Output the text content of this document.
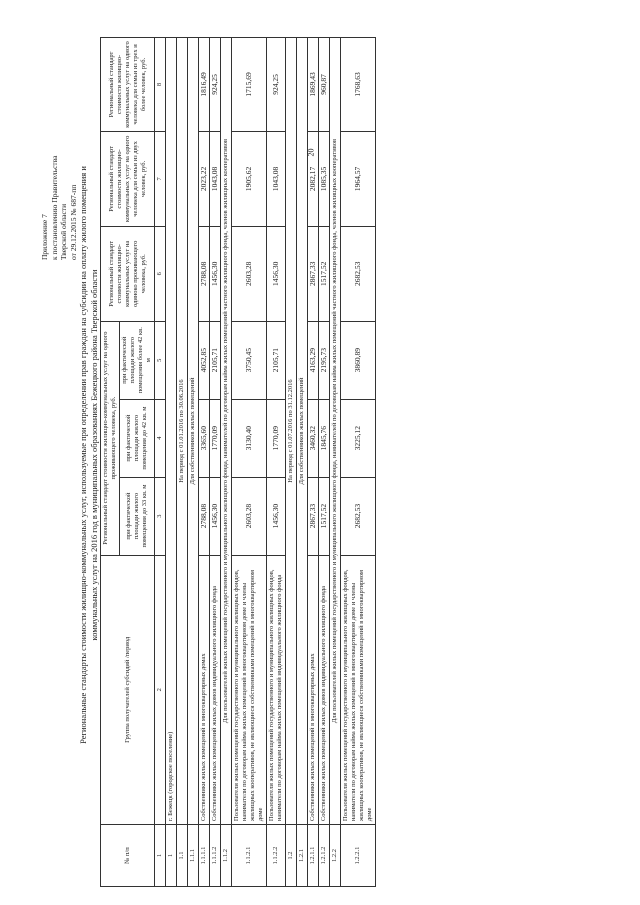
20
Приложение 7 к постановлению Правительства Тверской области от 29.12.2015 № 687-пп Региональные стандарты стоимости жилищно-коммунальных услуг, используемые при определении прав граждан на субсидии на оплату жилого помещения и коммунальных услуг на 2016 год в муниципальных образованиях Бежецкого района Тверской области
№ п/п	Группа получателей субсидий /период	Региональный стандарт стоимости жилищно-коммунальных услуг на одного проживающего человека, руб.			Региональный стандарт стоимости жилищно-коммунальных услуг на одиноко проживающего человека, руб.	Региональный стандарт стоимости жилищно-коммунальных услуг на одного человека для семьи из двух человек, руб.	Региональный стандарт стоимости жилищно-коммунальных услуг на одного человека для семьи из трех и более человек, руб.
		при фактической площади жилого помещения до 33 кв. м	при фактической площади жилого помещения до 42 кв. м	при фактической площади жилого помещения более 42 кв. м			
1	2	3	4	5	6	7	8
1	г. Бежецк (городское поселение)						
1.1	На период с 01.01.2016 по 30.06.2016						
1.1.1	Для собственников жилых помещений						
1.1.1.1	Собственники жилых помещений в многоквартирных домах	2788,08	3365,60	4052,85	2788,08	2023,22	1816,49
1.1.1.2	Собственники жилых помещений жилых домов индивидуального жилищного фонда	1456,30	1770,09	2105,71	1456,30	1043,08	924,25
1.1.2	Для пользователей жилых помещений государственного и муниципального жилищного фонда, нанимателей по договорам найма жилых помещений частного жилищного фонда, членов жилищных кооперативов						
1.1.2.1	Пользователи жилых помещений государственного и муниципального жилищных фондов, наниматели по договорам найма жилых помещений в многоквартирном доме и члены жилищных кооперативов, не являющиеся собственниками помещений в многоквартирном доме	2603,28	3130,40	3750,45	2603,28	1905,62	1715,69
1.1.2.2	Пользователи жилых помещений государственного и муниципального жилищных фондов, наниматели по договорам найма жилых помещений индивидуального жилищного фонда	1456,30	1770,09	2105,71	1456,30	1043,08	924,25
1.2	На период с 01.07.2016 по 31.12.2016						
1.2.1	Для собственников жилых помещений						
1.2.1.1	Собственники жилых помещений в многоквартирных домах	2867,33	3460,32	4163,29	2867,33	2082,17	1869,43
1.2.1.2	Собственники жилых помещений жилых домов индивидуального жилищного фонда	1517,52	1845,76	2195,73	1517,52	1085,35	960,87
1.2.2	Для пользователей жилых помещений государственного и муниципального жилищного фонда, нанимателей по договорам найма жилых помещений частного жилищного фонда, членов жилищных кооперативов						
1.2.2.1	Пользователи жилых помещений государственного и муниципального жилищных фондов, наниматели по договорам найма жилых помещений в многоквартирном доме и члены жилищных кооперативов, не являющиеся собственниками помещений в многоквартирном доме	2682,53	3225,12	3860,89	2682,53	1964,57	1768,63
